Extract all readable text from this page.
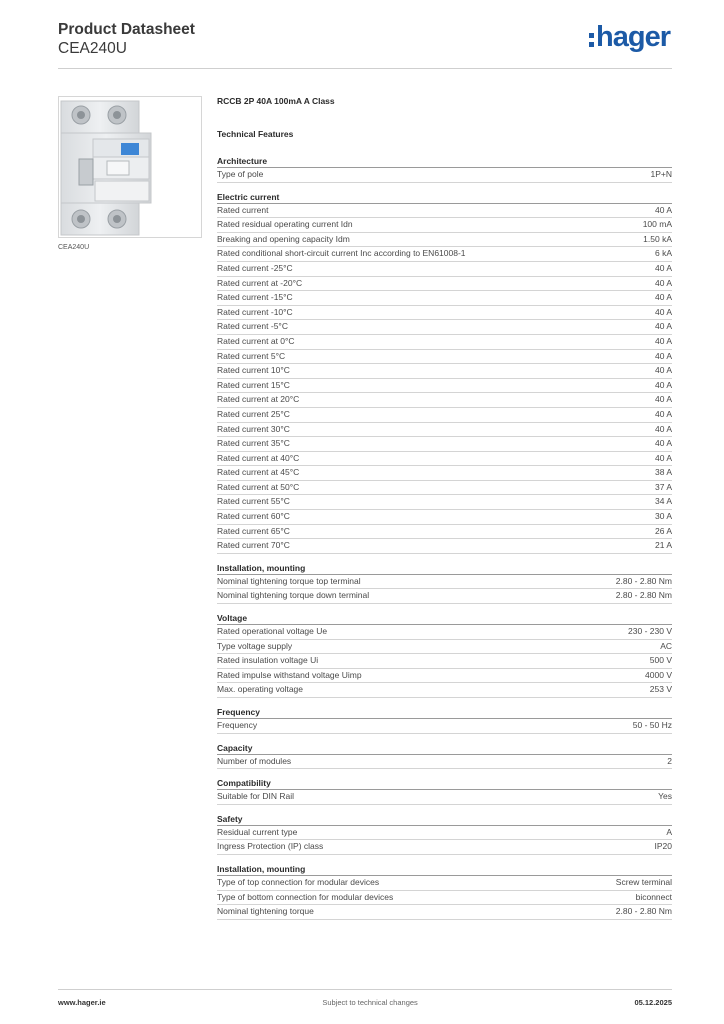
Product Datasheet
CEA240U	hager
CEA240U
RCCB 2P 40A 100mA A Class
Technical Features
Architecture
Type of pole	1P+N
Electric current
Rated current	40 A
Rated residual operating current Idn	100 mA
Breaking and opening capacity Idm	1.50 kA
Rated conditional short-circuit current Inc according to EN61008-1	6 kA
Rated current -25°C	40 A
Rated current at -20°C	40 A
Rated current -15°C	40 A
Rated current -10°C	40 A
Rated current -5°C	40 A
Rated current at 0°C	40 A
Rated current 5°C	40 A
Rated current 10°C	40 A
Rated current 15°C	40 A
Rated current at 20°C	40 A
Rated current 25°C	40 A
Rated current 30°C	40 A
Rated current 35°C	40 A
Rated current at 40°C	40 A
Rated current at 45°C	38 A
Rated current at 50°C	37 A
Rated current 55°C	34 A
Rated current 60°C	30 A
Rated current 65°C	26 A
Rated current 70°C	21 A
Installation, mounting
Nominal tightening torque top terminal	2.80 - 2.80 Nm
Nominal tightening torque down terminal	2.80 - 2.80 Nm
Voltage
Rated operational voltage Ue	230 - 230 V
Type voltage supply	AC
Rated insulation voltage Ui	500 V
Rated impulse withstand voltage Uimp	4000 V
Max. operating voltage	253 V
Frequency
Frequency	50 - 50 Hz
Capacity
Number of modules	2
Compatibility
Suitable for DIN Rail	Yes
Safety
Residual current type	A
Ingress Protection (IP) class	IP20
Installation, mounting
Type of top connection for modular devices	Screw terminal
Type of bottom connection for modular devices	biconnect
Nominal tightening torque	2.80 - 2.80 Nm
www.hager.ie	Subject to technical changes	05.12.2025
